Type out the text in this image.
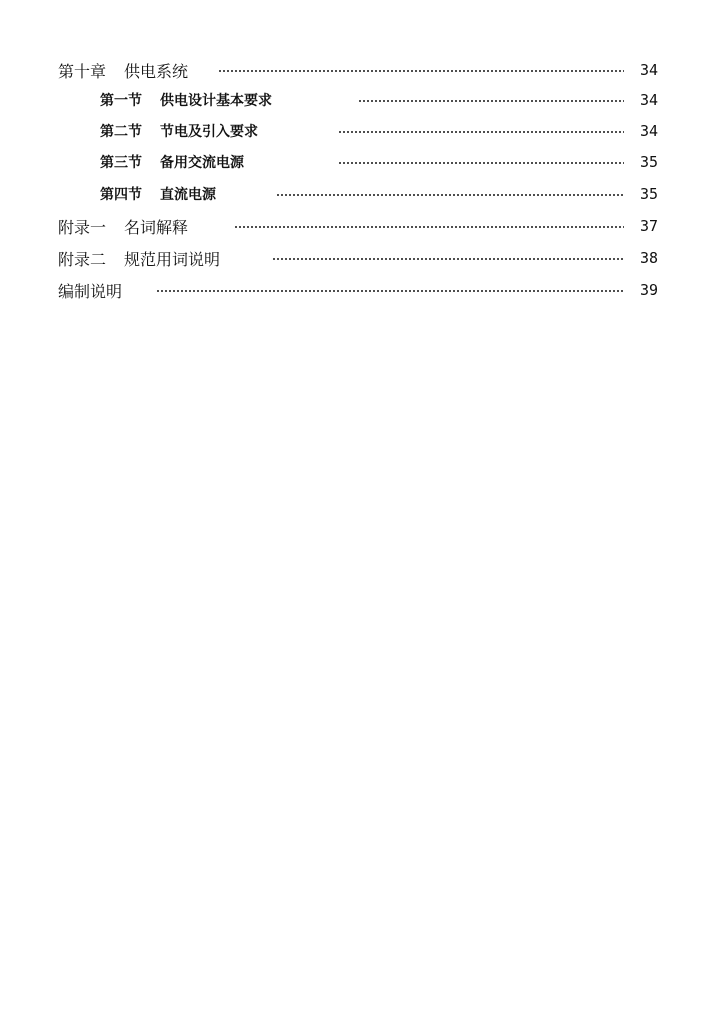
第十章 供电系统	34
第一节 供电设计基本要求	34
第二节 节电及引入要求	34
第三节 备用交流电源	35
第四节 直流电源	35
附录一 名词解释	37
附录二 规范用词说明	38
编制说明	39
